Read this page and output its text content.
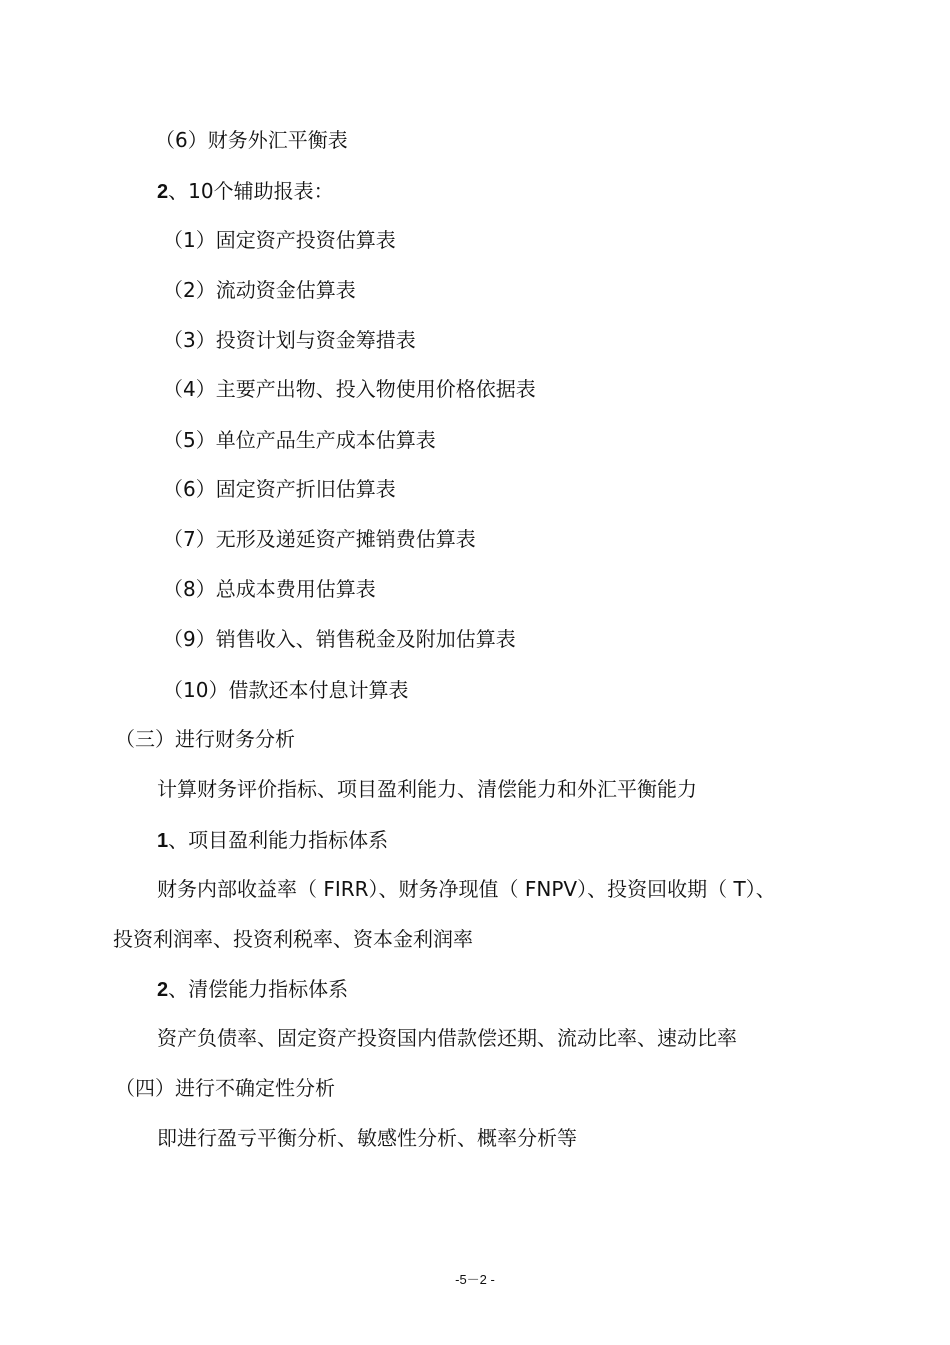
（6）财务外汇平衡表
2、10个辅助报表：
（1）固定资产投资估算表
（2）流动资金估算表
（3）投资计划与资金筹措表
（4）主要产出物、投入物使用价格依据表
（5）单位产品生产成本估算表
（6）固定资产折旧估算表
（7）无形及递延资产摊销费估算表
（8）总成本费用估算表
（9）销售收入、销售税金及附加估算表
（10）借款还本付息计算表
（三）进行财务分析
计算财务评价指标、项目盈利能力、清偿能力和外汇平衡能力
1、项目盈利能力指标体系
财务内部收益率（ FIRR）、财务净现值（ FNPV）、投资回收期（ T）、
投资利润率、投资利税率、资本金利润率
2、清偿能力指标体系
资产负债率、固定资产投资国内借款偿还期、流动比率、速动比率
（四）进行不确定性分析
即进行盈亏平衡分析、敏感性分析、概率分析等
-5－2 -
